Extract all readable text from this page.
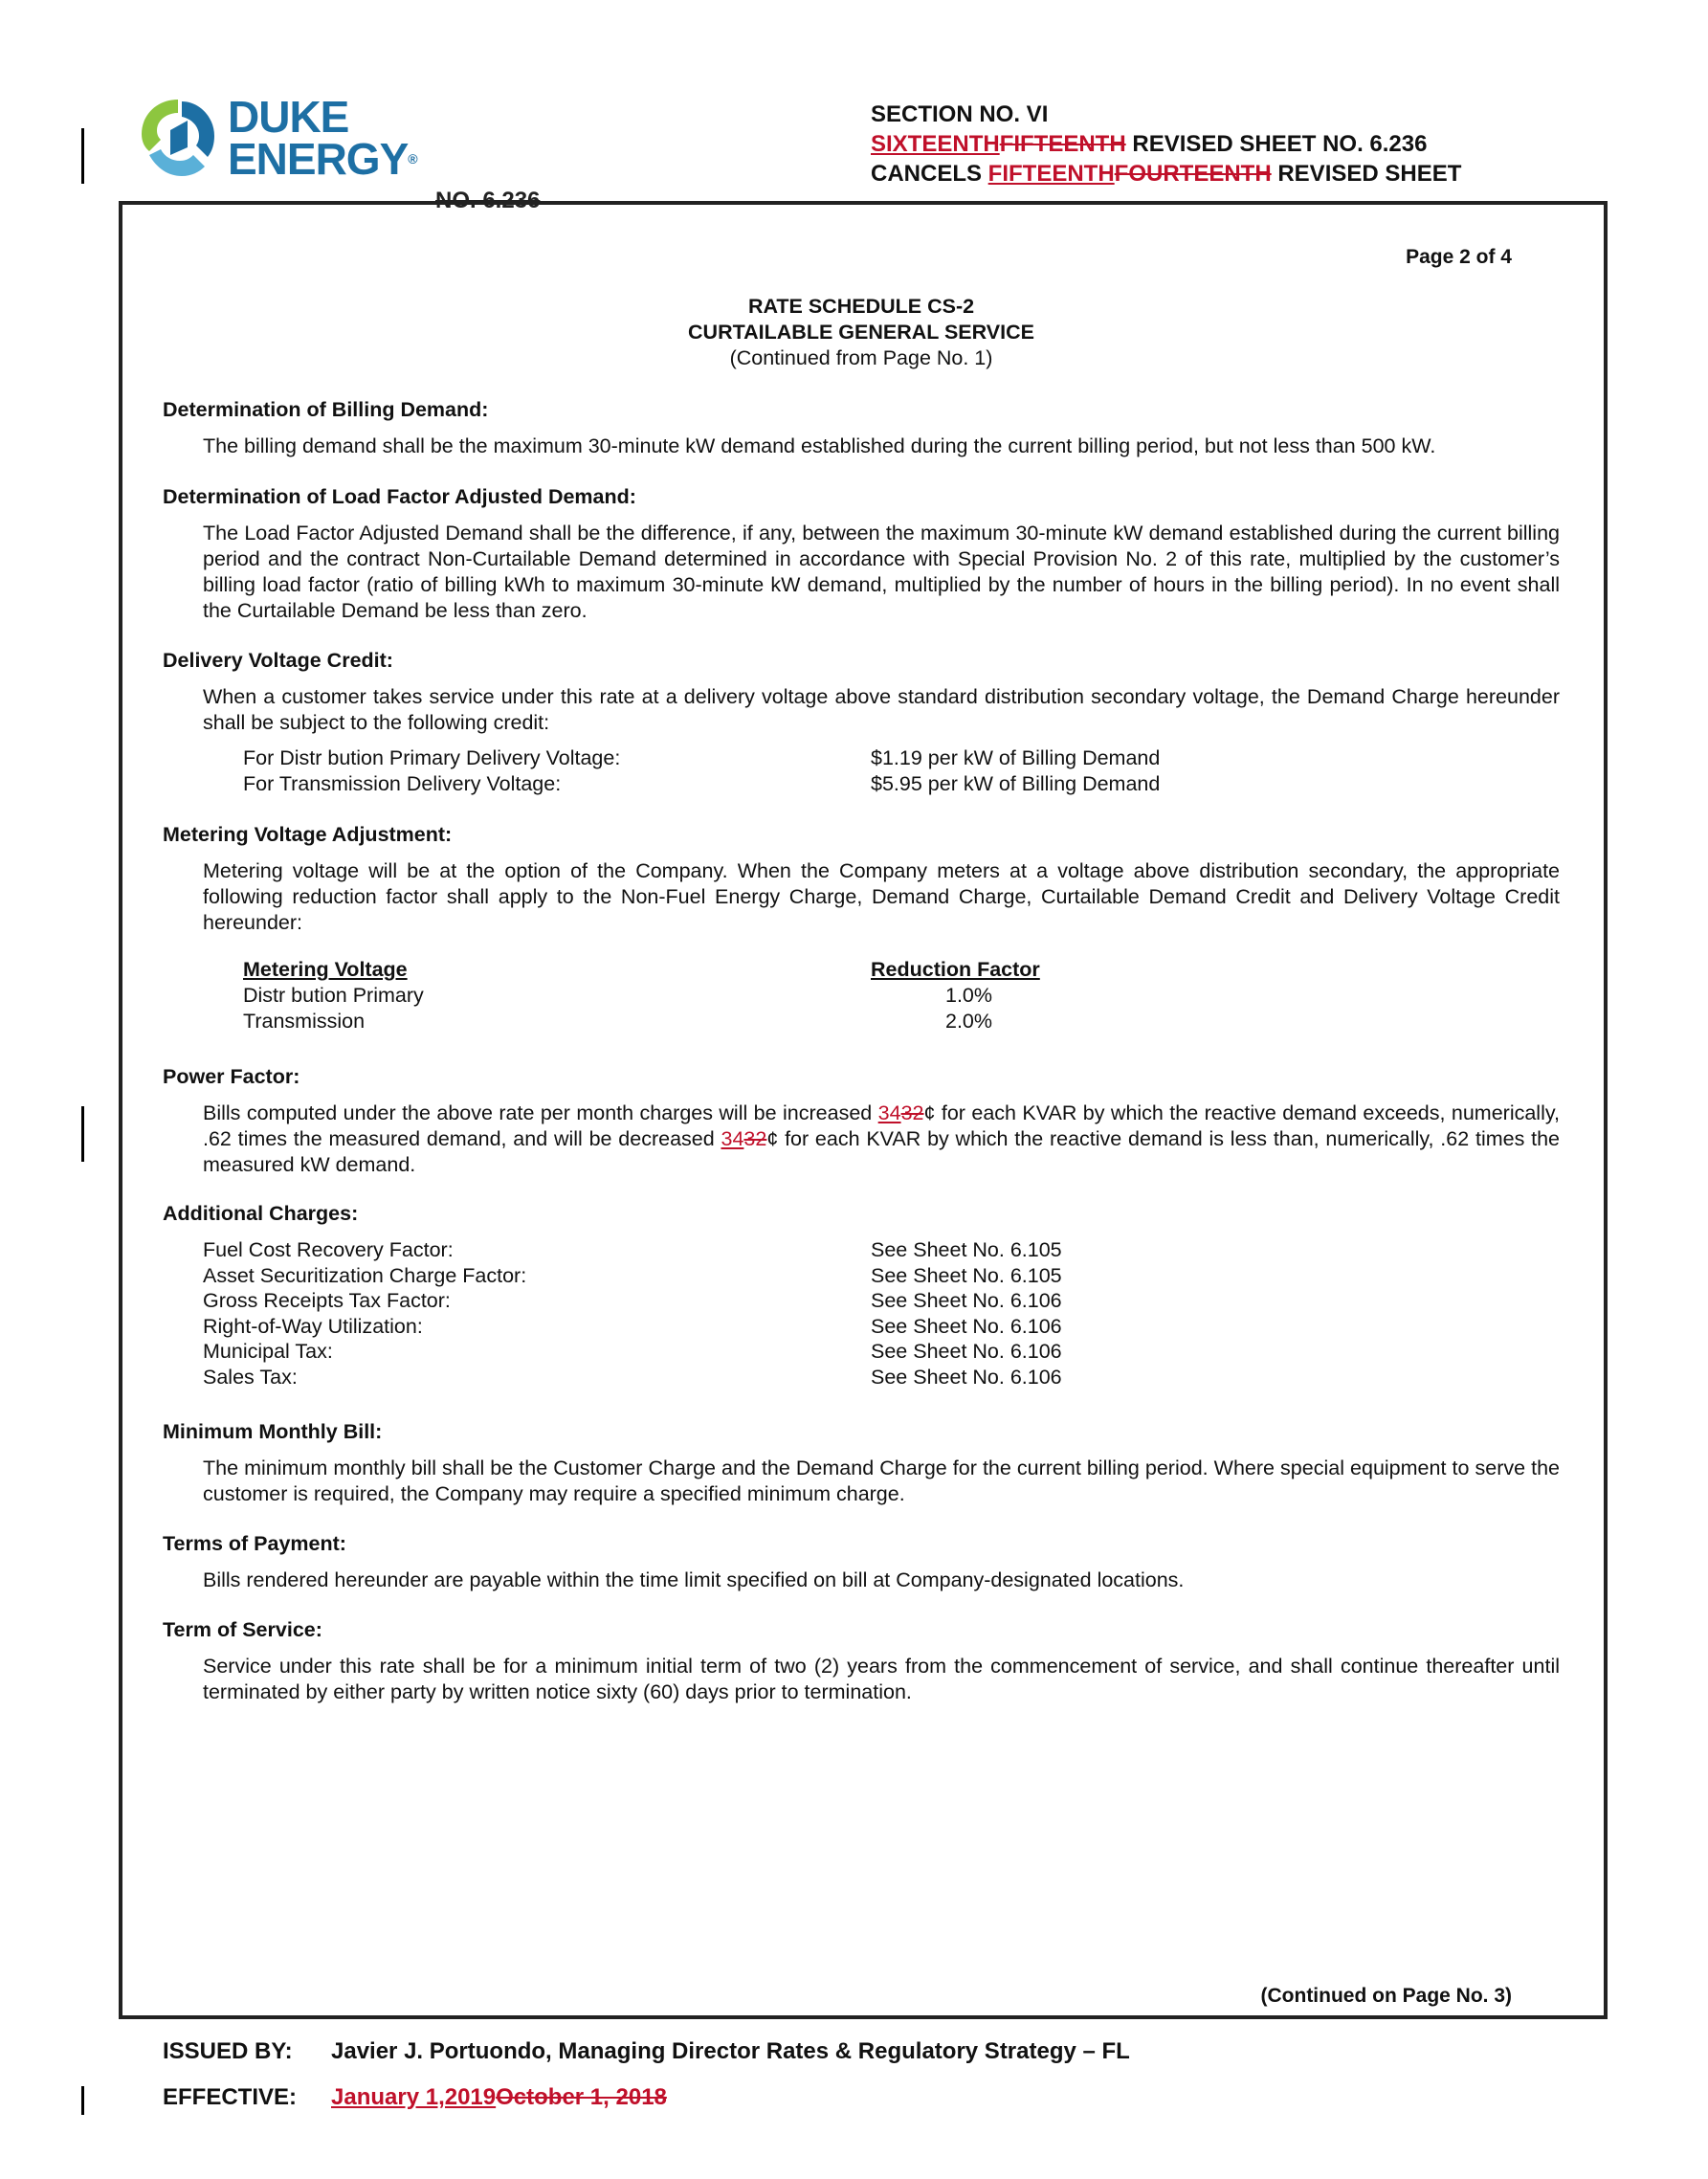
DUKE
ENERGY®
SECTION NO. VI
SIXTEENTHFIFTEENTH REVISED SHEET NO. 6.236
CANCELS FIFTEENTHFOURTEENTH REVISED SHEET
NO. 6.236
Page 2 of 4
RATE SCHEDULE CS-2
CURTAILABLE GENERAL SERVICE
(Continued from Page No. 1)
Determination of Billing Demand:
The billing demand shall be the maximum 30-minute kW demand established during the current billing period, but not less than 500 kW.
Determination of Load Factor Adjusted Demand:
The Load Factor Adjusted Demand shall be the difference, if any, between the maximum 30-minute kW demand established during the current billing period and the contract Non-Curtailable Demand determined in accordance with Special Provision No. 2 of this rate, multiplied by the customer’s billing load factor (ratio of billing kWh to maximum 30-minute kW demand, multiplied by the number of hours in the billing period). In no event shall the Curtailable Demand be less than zero.
Delivery Voltage Credit:
When a customer takes service under this rate at a delivery voltage above standard distribution secondary voltage, the Demand Charge hereunder shall be subject to the following credit:
For Distr bution Primary Delivery Voltage:	$1.19 per kW of Billing Demand
For Transmission Delivery Voltage:	$5.95 per kW of Billing Demand
Metering Voltage Adjustment:
Metering voltage will be at the option of the Company. When the Company meters at a voltage above distribution secondary, the appropriate following reduction factor shall apply to the Non-Fuel Energy Charge, Demand Charge, Curtailable Demand Credit and Delivery Voltage Credit hereunder:
Metering Voltage	Reduction Factor
Distr bution Primary	1.0%
Transmission	2.0%
Power Factor:
Bills computed under the above rate per month charges will be increased 3432¢ for each KVAR by which the reactive demand exceeds, numerically, .62 times the measured demand, and will be decreased 3432¢ for each KVAR by which the reactive demand is less than, numerically, .62 times the measured kW demand.
Additional Charges:
Fuel Cost Recovery Factor:	See Sheet No. 6.105
Asset Securitization Charge Factor:	See Sheet No. 6.105
Gross Receipts Tax Factor:	See Sheet No. 6.106
Right-of-Way Utilization:	See Sheet No. 6.106
Municipal Tax:	See Sheet No. 6.106
Sales Tax:	See Sheet No. 6.106
Minimum Monthly Bill:
The minimum monthly bill shall be the Customer Charge and the Demand Charge for the current billing period. Where special equipment to serve the customer is required, the Company may require a specified minimum charge.
Terms of Payment:
Bills rendered hereunder are payable within the time limit specified on bill at Company-designated locations.
Term of Service:
Service under this rate shall be for a minimum initial term of two (2) years from the commencement of service, and shall continue thereafter until terminated by either party by written notice sixty (60) days prior to termination.
(Continued on Page No. 3)
ISSUED BY: Javier J. Portuondo, Managing Director Rates & Regulatory Strategy – FL
EFFECTIVE: January 1,2019October 1, 2018
